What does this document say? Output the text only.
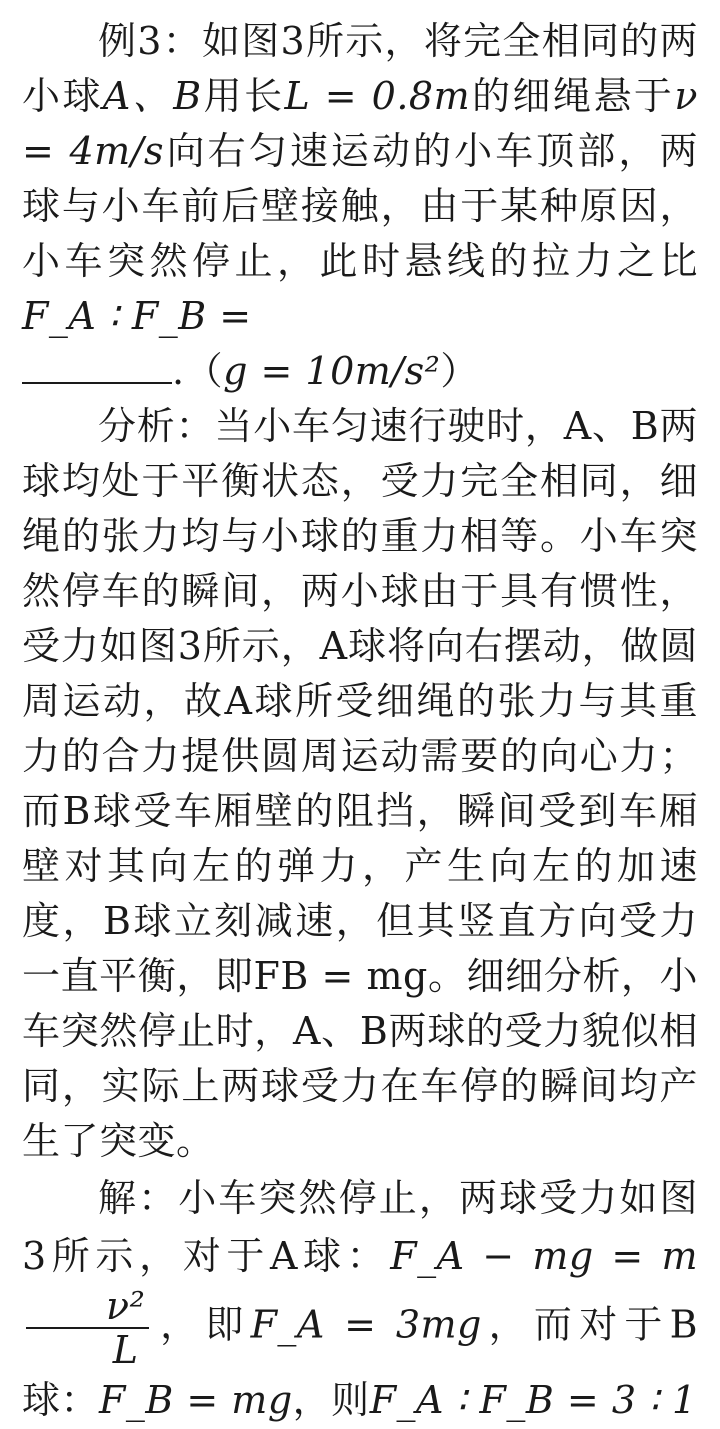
例3：如图3所示，将完全相同的两小球A、B用长L = 0.8m的细绳悬于ν = 4m/s向右匀速运动的小车顶部，两球与小车前后壁接触，由于某种原因，小车突然停止，此时悬线的拉力之比 F_A ∶ F_B =
.（g = 10m/s²）

分析：当小车匀速行驶时，A、B两球均处于平衡状态，受力完全相同，细绳的张力均与小球的重力相等。小车突然停车的瞬间，两小球由于具有惯性，受力如图3所示，A球将向右摆动，做圆周运动，故A球所受细绳的张力与其重力的合力提供圆周运动需要的向心力；而B球受车厢壁的阻挡，瞬间受到车厢壁对其向左的弹力，产生向左的加速度，B球立刻减速，但其竖直方向受力一直平衡，即FB = mg。细细分析，小车突然停止时，A、B两球的受力貌似相同，实际上两球受力在车停的瞬间均产生了突变。

解：小车突然停止，两球受力如图3所示，对于A球：F_A − mg = m
$\frac{\text{ν²}}{L}$ ，即F_A = 3mg，而对于B球：F_B = mg，则F_A ∶ F_B = 3 ∶ 1
